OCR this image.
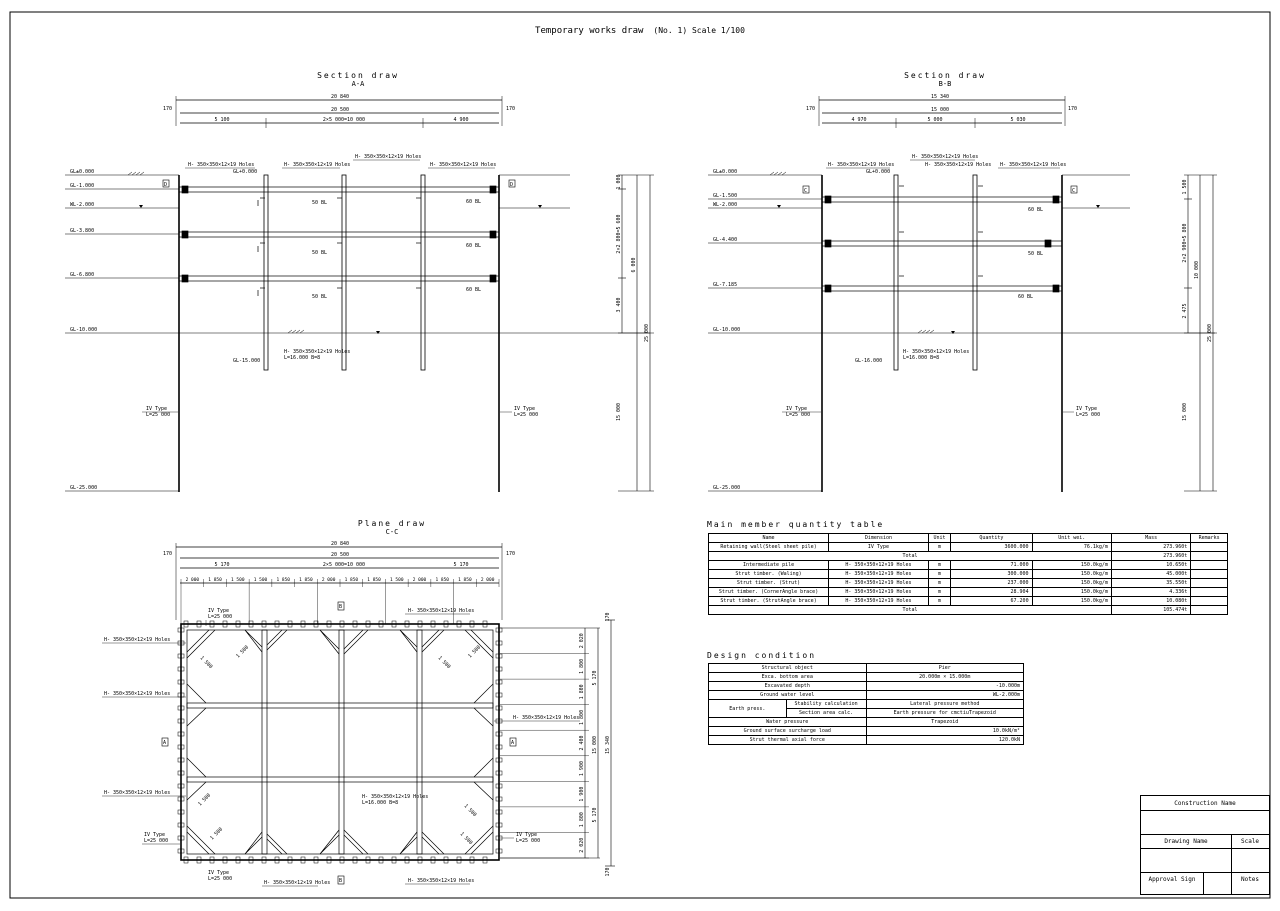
Temporary works draw (No. 1) Scale 1/100
Section draw
A-A
170
20 840
20 500	170
5 100	2×5 000=10 000	4 900
GL±0.000
GL-1.000
WL-2.000
GL-3.800
GL-6.800
GL-10.000
GL-25.000
GL+0.000
GL-15.000
D	D
H- 350×350×12×19 Holes	H- 350×350×12×19 Holes
H- 350×350×12×19 Holes
H- 350×350×12×19 Holes
60 BL
60 BL
60 BL
50 BL
50 BL
50 BL
H- 350×350×12×19 Holes
L=16.000 B=8
IV Type
L=25 000
IV Type
L=25 000
1 000
2×2 800=5 600
3 400
6 000
15 000
25 000
Section draw
B-B
170
15 340
15 000	170
4 970	5 000	5 030
GL±0.000
GL-1.500
WL-2.000
GL-4.400
GL-7.185
GL-10.000
GL-25.000
GL+0.000
GL-16.000
C	C
H- 350×350×12×19 Holes
H- 350×350×12×19 Holes
H- 350×350×12×19 Holes H- 350×350×12×19 Holes
60 BL
50 BL
60 BL
H- 350×350×12×19 Holes
L=16.000 B=8
IV Type
L=25 000
IV Type
L=25 000
1 500
2×2 900=5 800
2 475
10 000
15 000
25 000
Plane draw
C-C
170
20 840
20 500	170
5 170	2×5 000=10 000	5 170
2 000 1 850 1 500 1 500 1 850 1 850 2 000 1 850 1 850 1 500 2 000 1 850 1 850 2 000
1 500
1 500
1 500
1 500
1 500
1 500
1 500
1 500
H- 350×350×12×19 Holes
H- 350×350×12×19 Holes
H- 350×350×12×19 Holes
IV Type
L=25 000
H- 350×350×12×19 Holes
IV Type
L=25 000
IV Type
L=25 000
H- 350×350×12×19 Holes
IV Type
L=25 000
H- 350×350×12×19 Holes	H- 350×350×12×19 Holes
H- 350×350×12×19 Holes
L=16.000 B=8
A	A
B
B
2 020
1 800
1 800
1 800
2 400
1 900
1 900
1 800
2 020
5 170
15 000 15 340
5 170
170
170
Main member quantity table
Name	Dimension	Unit	Quantity	Unit wei.	Mass	Remarks
Retaining wall(Steel sheet pile)	IV Type	m	3600.000	76.1kg/m	273.960t	
Total					273.960t	
Intermediate pile	H- 350×350×12×19 Holes	m	71.000	150.0kg/m	10.650t	
Strut timber. (Waling)	H- 350×350×12×19 Holes	m	300.000	150.0kg/m	45.000t	
Strut timber. (Strut)	H- 350×350×12×19 Holes	m	237.000	150.0kg/m	35.550t	
Strut timber. (CornerAngle brace)	H- 350×350×12×19 Holes	m	28.904	150.0kg/m	4.336t	
Strut timber. (StrutAngle brace)	H- 350×350×12×19 Holes	m	67.200	150.0kg/m	10.080t	
Total					105.474t	
Design condition
Structural object		Pier
Exca. bottom area		20.000m × 15.000m
Excavated depth		-10.000m
Ground water level		WL-2.000m
Earth press.	Stability calculation	Lateral pressure method
	Section area calc.	Earth pressure for cmctiuTrapezoid
Water pressure		Trapezoid
Ground surface surcharge load		10.0kN/m²
Strut thermal axial force		120.0kN
Construction Name
Drawing Name	Scale
Approval Sign	Notes
